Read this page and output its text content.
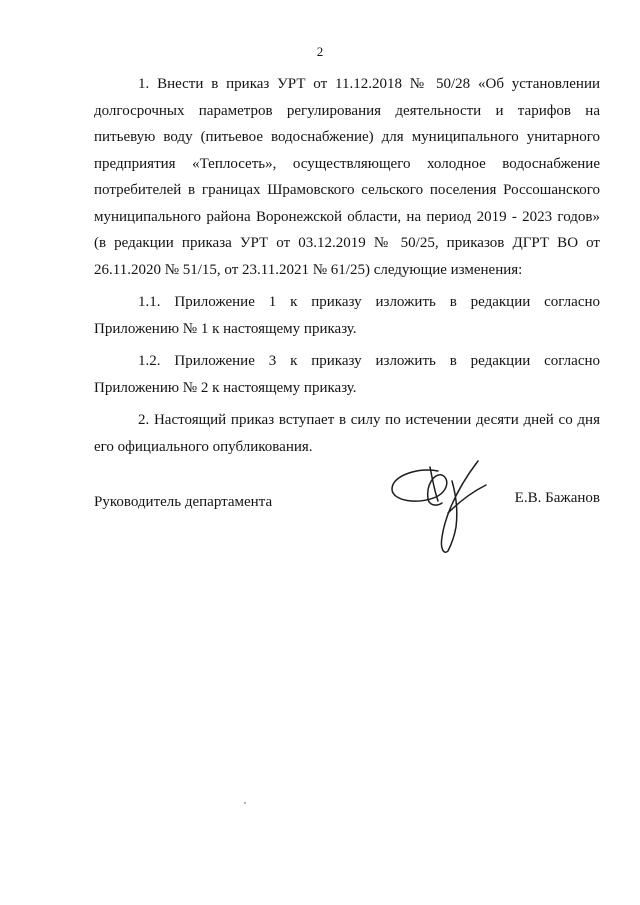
2
1. Внести в приказ УРТ от 11.12.2018 № 50/28 «Об установлении
долгосрочных параметров регулирования деятельности и тарифов на
питьевую воду (питьевое водоснабжение) для муниципального унитарного
предприятия «Теплосеть», осуществляющего холодное водоснабжение
потребителей в границах Шрамовского сельского поселения Россошанского
муниципального района Воронежской области, на период 2019 - 2023 годов»
(в редакции приказа УРТ от 03.12.2019 № 50/25, приказов ДГРТ ВО от
26.11.2020 № 51/15, от 23.11.2021 № 61/25) следующие изменения:
1.1. Приложение 1 к приказу изложить в редакции согласно
Приложению № 1 к настоящему приказу.
1.2. Приложение 3 к приказу изложить в редакции согласно
Приложению № 2 к настоящему приказу.
2. Настоящий приказ вступает в силу по истечении десяти дней со дня
его официального опубликования.
Руководитель департамента	Е.В. Бажанов
